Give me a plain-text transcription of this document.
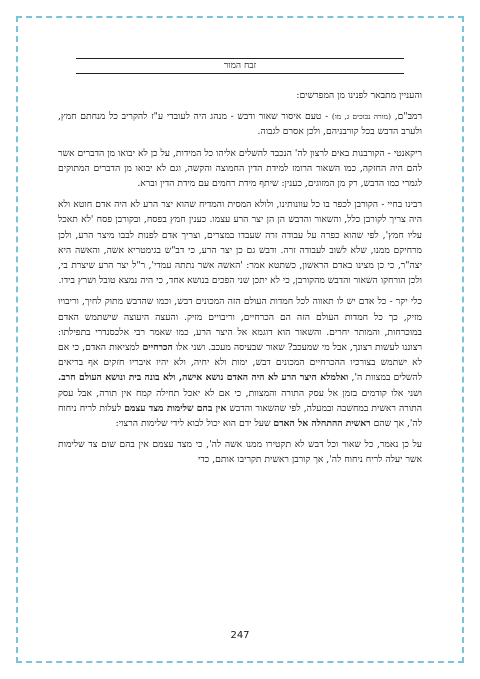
זבח המור

והעניין מתבאר לפנינו מן המפרשים:

רמב"ם, (מורה נבוכים ג, מו) - טעם איסור שאור ודבש - מנהג היה לעובדי ע"ז להקריב כל מנחתם חמץ, ולערב הדבש בכל קורבניהם, ולכן אסרם לגבוה.

ריקאנטי - הקורבנות באים לרצון לה' הנכבד להשלים אליהו כל המידות, על כן לא יבואו מן הדברים אשר להם היה החזקה, כמו השאור הרומז למידת הדין החמוצה והקשה, וגם לא יבואו מן הדברים המתוקים לגמרי כמו הדבש, רק מן המזוגים, כענין: שיתף מידת רחמים עם מידת הדין וברא.

רבינו בחיי - הקורבן לכפר בו כל עוונותינו, ולולא המסית והמדיח שהוא יצר הרע לא היה אדם חוטא ולא היה צריך לקורבן כלל, והשאור והדבש הן הן יצר הרע עצמו. כענין חמץ בפסח, ובקורבן פסח 'לא תאכל עליו חמץ', לפי שהוא כפרה על עבודה זרה שעבדו במצרים, וצריך אדם לפנות לבבו מיצר הרע, ולכן מרחיקם ממנו, שלא לשוב לעבודה זרה. ודבש גם כן יצר הרע, כי דב"ש בגימטריא אשה, והאשה היא יצה"ר, כי כן מצינו באדם הראשון, כשתטא אמר: 'האשה אשר נתתה עמדי', ר"ל יצר הרע שיצרת בי, ולכן הורחקו השאור והדבש מהקורבן, כי לא יתכן שני הפכים בנושא אחד, כי היה נמצא טובל ושרץ בידו.

כלי יקר - כל אדם יש לו תאווה לכל חמדות העולם הזה המכונים דבש, וכמו שהדבש מתוק לחיך, וריבויו מזיק, כך כל חמדות העולם הזה הם הכרחיים, וריבויים מזיק. והעצה היעוצה שישתמש האדם במוכרחות, והמותר יחרים. והשאור הוא דוגמא אל היצר הרע, כמו שאמר רבי אלכסנדרי בתפילתו: רצוננו לעשות רצונך, אבל מי שמעכב? שאור שבעיסה מעכב. ושני אלו הכרחיים למציאות האדם, כי אם לא ישתמש בצורכיו ההכרחיים המכונים דבש, ימות ולא יחיה, ולא יהיו איבריו חזקים אף בריאים להשלים במצוות ה', ואלמלא היצר הרע לא היה האדם נושא אישה, ולא בונה בית ונושא העולם חרב. ושני אלו קודמים בזמן אל עסק התורה והמצוות, כי אם לא יאכל תחילה קמח אין תורה, אבל עסק התורה ראשית במחשבה ובמעלה, לפי שהשאור והדבש אין בהם שלימות מצד עצמם לעלות לריח ניחוח לה', אך שהם ראשית ההתחלה אל האדם שעל ידם הוא יכול לבוא לידי שלימות הרצוי:

על כן נאמר, כל שאור וכל דבש לא תקטירו ממנו אשה לה', כי מצד עצמם אין בהם שום צד שלימות אשר יעלה לריח ניחוח לה', אך קורבן ראשית תקריבו אותם, כדי

247
